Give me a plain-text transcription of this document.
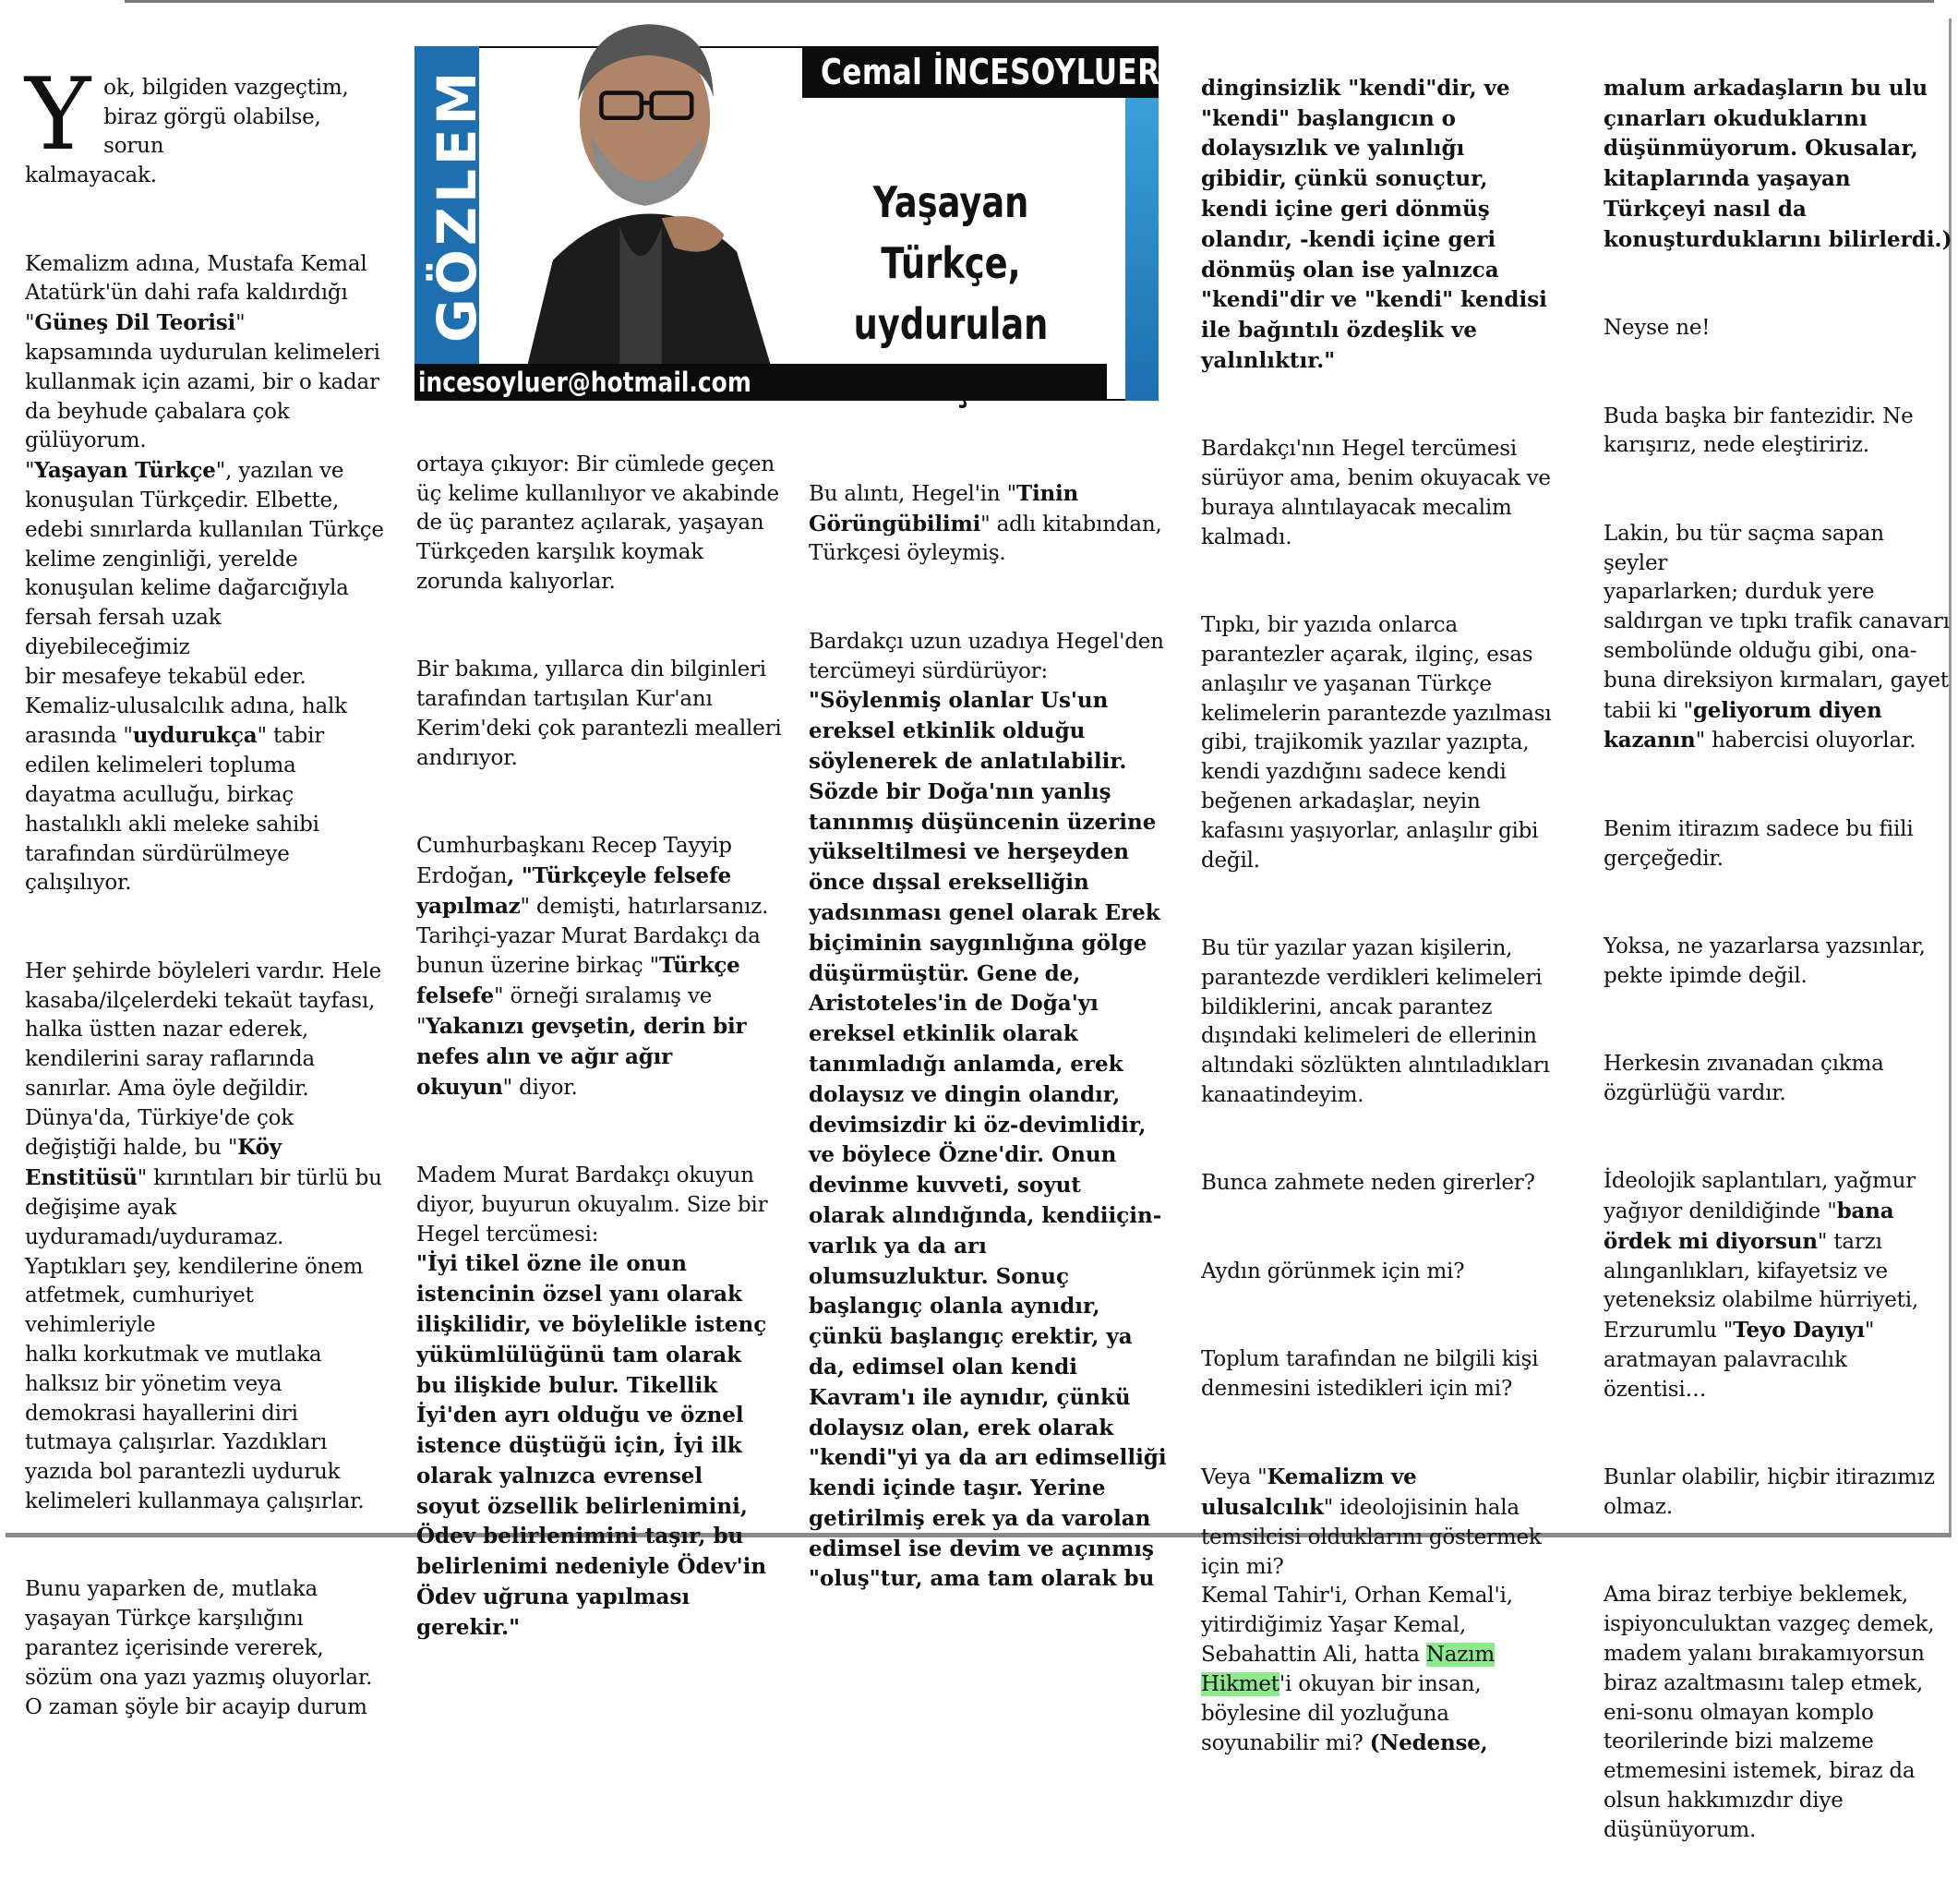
GÖZLEM	Cemal İNCESOYLUER
Yaşayan Türkçe,
uydurulan
incesoyluer@hotmail.com

Yok, bilgiden vazgeçtim,
biraz görgü olabilse, sorun
kalmayacak.

Kemalizm adına, Mustafa Kemal
Atatürk'ün dahi rafa kaldırdığı
"Güneş Dil Teorisi"
kapsamında uydurulan kelimeleri
kullanmak için azami, bir o kadar
da beyhude çabalara çok
gülüyorum.
"Yaşayan Türkçe", yazılan ve
konuşulan Türkçedir. Elbette,
edebi sınırlarda kullanılan Türkçe
kelime zenginliği, yerelde
konuşulan kelime dağarcığıyla
fersah fersah uzak diyebileceğimiz
bir mesafeye tekabül eder.
Kemaliz-ulusalcılık adına, halk
arasında "uydurukça" tabir
edilen kelimeleri topluma
dayatma aculluğu, birkaç
hastalıklı akli meleke sahibi
tarafından sürdürülmeye
çalışılıyor.

Her şehirde böyleleri vardır. Hele
kasaba/ilçelerdeki tekaüt tayfası,
halka üstten nazar ederek,
kendilerini saray raflarında
sanırlar. Ama öyle değildir.
Dünya'da, Türkiye'de çok
değiştiği halde, bu "Köy
Enstitüsü" kırıntıları bir türlü bu
değişime ayak
uyduramadı/uyduramaz.
Yaptıkları şey, kendilerine önem
atfetmek, cumhuriyet vehimleriyle
halkı korkutmak ve mutlaka
halksız bir yönetim veya
demokrasi hayallerini diri
tutmaya çalışırlar. Yazdıkları
yazıda bol parantezli uyduruk
kelimeleri kullanmaya çalışırlar.

Bunu yaparken de, mutlaka
yaşayan Türkçe karşılığını
parantez içerisinde vererek,
sözüm ona yazı yazmış oluyorlar.
O zaman şöyle bir acayip durum

ortaya çıkıyor: Bir cümlede geçen
üç kelime kullanılıyor ve akabinde
de üç parantez açılarak, yaşayan
Türkçeden karşılık koymak
zorunda kalıyorlar.

Bir bakıma, yıllarca din bilginleri
tarafından tartışılan Kur'anı
Kerim'deki çok parantezli mealleri
andırıyor.

Cumhurbaşkanı Recep Tayyip
Erdoğan, "Türkçeyle felsefe
yapılmaz" demişti, hatırlarsanız.
Tarihçi-yazar Murat Bardakçı da
bunun üzerine birkaç "Türkçe
felsefe" örneği sıralamış ve
"Yakanızı gevşetin, derin bir
nefes alın ve ağır ağır
okuyun" diyor.

Madem Murat Bardakçı okuyun
diyor, buyurun okuyalım. Size bir
Hegel tercümesi:
"İyi tikel özne ile onun
istencinin özsel yanı olarak
ilişkilidir, ve böylelikle istenç
yükümlülüğünü tam olarak
bu ilişkide bulur. Tikellik
İyi'den ayrı olduğu ve öznel
istence düştüğü için, İyi ilk
olarak yalnızca evrensel
soyut özsellik belirlenimini,
Ödev belirlenimini taşır, bu
belirlenimi nedeniyle Ödev'in
Ödev uğruna yapılması
gerekir."

Bu alıntı, Hegel'in "Tinin
Görüngübilimi" adlı kitabından,
Türkçesi öyleymiş.

Bardakçı uzun uzadıya Hegel'den
tercümeyi sürdürüyor:
"Söylenmiş olanlar Us'un
ereksel etkinlik olduğu
söylenerek de anlatılabilir.
Sözde bir Doğa'nın yanlış
tanınmış düşüncenin üzerine
yükseltilmesi ve herşeyden
önce dışsal erekselliğin
yadsınması genel olarak Erek
biçiminin saygınlığına gölge
düşürmüştür. Gene de,
Aristoteles'in de Doğa'yı
ereksel etkinlik olarak
tanımladığı anlamda, erek
dolaysız ve dingin olandır,
devimsizdir ki öz-devimlidir,
ve böylece Özne'dir. Onun
devinme kuvveti, soyut
olarak alındığında, kendiiçin-
varlık ya da arı
olumsuzluktur. Sonuç
başlangıç olanla aynıdır,
çünkü başlangıç erektir, ya
da, edimsel olan kendi
Kavram'ı ile aynıdır, çünkü
dolaysız olan, erek olarak
"kendi"yi ya da arı edimselliği
kendi içinde taşır. Yerine
getirilmiş erek ya da varolan
edimsel ise devim ve açınmış
"oluş"tur, ama tam olarak bu

dinginsizlik "kendi"dir, ve
"kendi" başlangıcın o
dolaysızlık ve yalınlığı
gibidir, çünkü sonuçtur,
kendi içine geri dönmüş
olandır, -kendi içine geri
dönmüş olan ise yalnızca
"kendi"dir ve "kendi" kendisi
ile bağıntılı özdeşlik ve
yalınlıktır."

Bardakçı'nın Hegel tercümesi
sürüyor ama, benim okuyacak ve
buraya alıntılayacak mecalim
kalmadı.

Tıpkı, bir yazıda onlarca
parantezler açarak, ilginç, esas
anlaşılır ve yaşanan Türkçe
kelimelerin parantezde yazılması
gibi, trajikomik yazılar yazıpta,
kendi yazdığını sadece kendi
beğenen arkadaşlar, neyin
kafasını yaşıyorlar, anlaşılır gibi
değil.

Bu tür yazılar yazan kişilerin,
parantezde verdikleri kelimeleri
bildiklerini, ancak parantez
dışındaki kelimeleri de ellerinin
altındaki sözlükten alıntıladıkları
kanaatindeyim.

Bunca zahmete neden girerler?

Aydın görünmek için mi?

Toplum tarafından ne bilgili kişi
denmesini istedikleri için mi?

Veya "Kemalizm ve
ulusalcılık" ideolojisinin hala
temsilcisi olduklarını göstermek
için mi?
Kemal Tahir'i, Orhan Kemal'i,
yitirdiğimiz Yaşar Kemal,
Sebahattin Ali, hatta Nazım
Hikmet'i okuyan bir insan,
böylesine dil yozluğuna
soyunabilir mi? (Nedense,

malum arkadaşların bu ulu
çınarları okuduklarını
düşünmüyorum. Okusalar,
kitaplarında yaşayan
Türkçeyi nasıl da
konuşturduklarını bilirlerdi.)

Neyse ne!

Buda başka bir fantezidir. Ne
karışırız, nede eleştiririz.

Lakin, bu tür saçma sapan şeyler
yaparlarken; durduk yere
saldırgan ve tıpkı trafik canavarı
sembolünde olduğu gibi, ona-
buna direksiyon kırmaları, gayet
tabii ki "geliyorum diyen
kazanın" habercisi oluyorlar.

Benim itirazım sadece bu fiili
gerçeğedir.

Yoksa, ne yazarlarsa yazsınlar,
pekte ipimde değil.

Herkesin zıvanadan çıkma
özgürlüğü vardır.

İdeolojik saplantıları, yağmur
yağıyor denildiğinde "bana
ördek mi diyorsun" tarzı
alınganlıkları, kifayetsiz ve
yeteneksiz olabilme hürriyeti,
Erzurumlu "Teyo Dayıyı"
aratmayan palavracılık
özentisi…

Bunlar olabilir, hiçbir itirazımız
olmaz.

Ama biraz terbiye beklemek,
ispiyonculuktan vazgeç demek,
madem yalanı bırakamıyorsun
biraz azaltmasını talep etmek,
eni-sonu olmayan komplo
teorilerinde bizi malzeme
etmemesini istemek, biraz da
olsun hakkımızdır diye
düşünüyorum.
